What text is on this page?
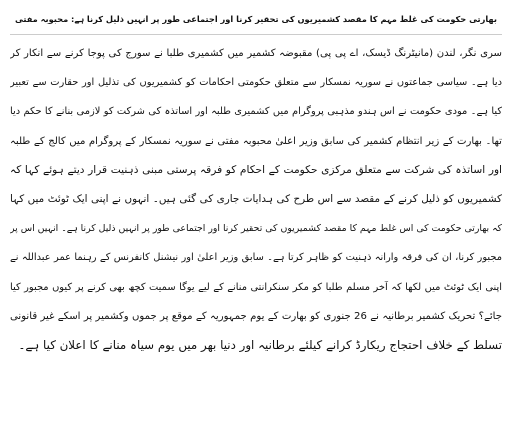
بھارتی حکومت کی غلط مہم کا مقصد کشمیریوں کی تحقیر کرنا اور اجتماعی طور پر انہیں ذلیل کرنا ہے: محبوبہ مفتی
سری نگر، لندن (مانیٹرنگ ڈیسک، اے پی پی) مقبوضہ کشمیر میں کشمیری طلبا نے سورج کی پوجا کرنے سے انکار کر
دیا ہے۔ سیاسی جماعتوں نے سوریہ نمسکار سے متعلق حکومتی احکامات کو کشمیریوں کی تذلیل اور حقارت سے تعبیر
کیا ہے۔ مودی حکومت نے اس ہندو مذہبی پروگرام میں کشمیری طلبہ اور اساتذہ کی شرکت کو لازمی بنانے کا حکم دیا
تھا۔ بھارت کے زیر انتظام کشمیر کی سابق وزیر اعلیٰ محبوبہ مفتی نے سوریہ نمسکار کے پروگرام میں کالج کے طلبہ
اور اساتذہ کی شرکت سے متعلق مرکزی حکومت کے احکام کو فرقہ پرستی مبنی ذہنیت قرار دیتے ہوئے کہا کہ
کشمیریوں کو ذلیل کرنے کے مقصد سے اس طرح کی ہدایات جاری کی گئی ہیں۔ انہوں نے اپنی ایک ٹوئٹ میں کہا
کہ بھارتی حکومت کی اس غلط مہم کا مقصد کشمیریوں کی تحقیر کرنا اور اجتماعی طور پر انہیں ذلیل کرنا ہے۔ انہیں اس پر
مجبور کرنا، ان کی فرقہ وارانہ ذہنیت کو ظاہر کرتا ہے۔ سابق وزیر اعلیٰ اور نیشنل کانفرنس کے رہنما عمر عبداللہ نے
اپنی ایک ٹوئٹ میں لکھا کہ آخر مسلم طلبا کو مکر سنکرانتی منانے کے لیے یوگا سمیت کچھ بھی کرنے پر کیوں مجبور کیا
جائے؟ تحریک کشمیر برطانیہ نے 26 جنوری کو بھارت کے یوم جمہوریہ کے موقع پر جموں وکشمیر پر اسکے غیر قانونی
تسلط کے خلاف احتجاج ریکارڈ کرانے کیلئے برطانیہ اور دنیا بھر میں یوم سیاہ منانے کا اعلان کیا ہے۔
